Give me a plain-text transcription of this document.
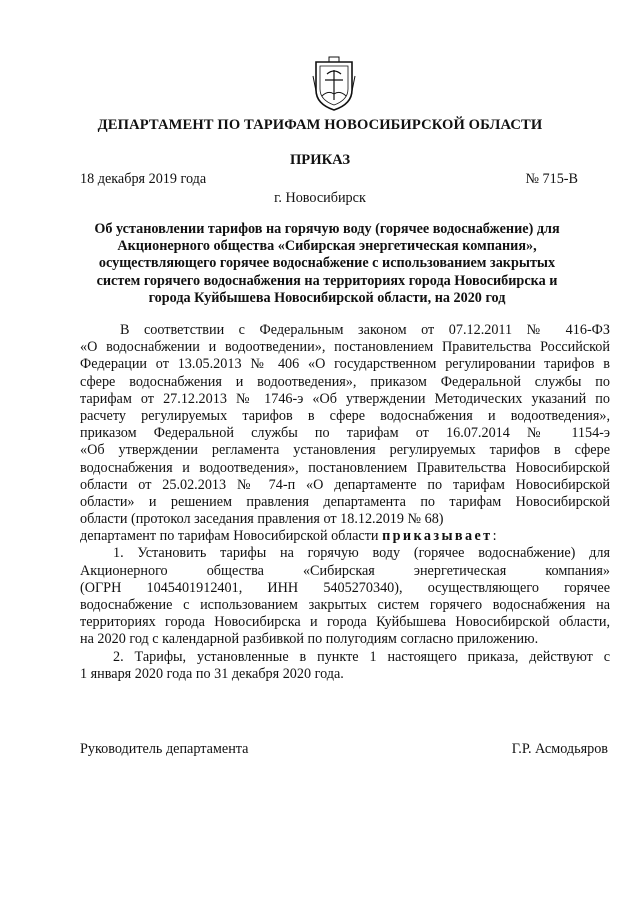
ДЕПАРТАМЕНТ ПО ТАРИФАМ НОВОСИБИРСКОЙ ОБЛАСТИ
ПРИКАЗ
18 декабря 2019 года	№ 715-В
г. Новосибирск
Об установлении тарифов на горячую воду (горячее водоснабжение) для
Акционерного общества «Сибирская энергетическая компания»,
осуществляющего горячее водоснабжение с использованием закрытых
систем горячего водоснабжения на территориях города Новосибирска и
города Куйбышева Новосибирской области, на 2020 год
В соответствии с Федеральным законом от 07.12.2011 № 416-ФЗ
«О водоснабжении и водоотведении», постановлением Правительства Российской
Федерации от 13.05.2013 № 406 «О государственном регулировании тарифов в
сфере водоснабжения и водоотведения», приказом Федеральной службы по
тарифам от 27.12.2013 № 1746-э «Об утверждении Методических указаний по
расчету регулируемых тарифов в сфере водоснабжения и водоотведения»,
приказом Федеральной службы по тарифам от 16.07.2014 № 1154-э
«Об утверждении регламента установления регулируемых тарифов в сфере
водоснабжения и водоотведения», постановлением Правительства Новосибирской
области от 25.02.2013 № 74-п «О департаменте по тарифам Новосибирской
области» и решением правления департамента по тарифам Новосибирской
области (протокол заседания правления от 18.12.2019 № 68)
департамент по тарифам Новосибирской области приказывает:
1. Установить тарифы на горячую воду (горячее водоснабжение) для
Акционерного общества «Сибирская энергетическая компания»
(ОГРН 1045401912401, ИНН 5405270340), осуществляющего горячее
водоснабжение с использованием закрытых систем горячего водоснабжения на
территориях города Новосибирска и города Куйбышева Новосибирской области,
на 2020 год с календарной разбивкой по полугодиям согласно приложению.
2. Тарифы, установленные в пункте 1 настоящего приказа, действуют с
1 января 2020 года по 31 декабря 2020 года.
Руководитель департамента	Г.Р. Асмодьяров
